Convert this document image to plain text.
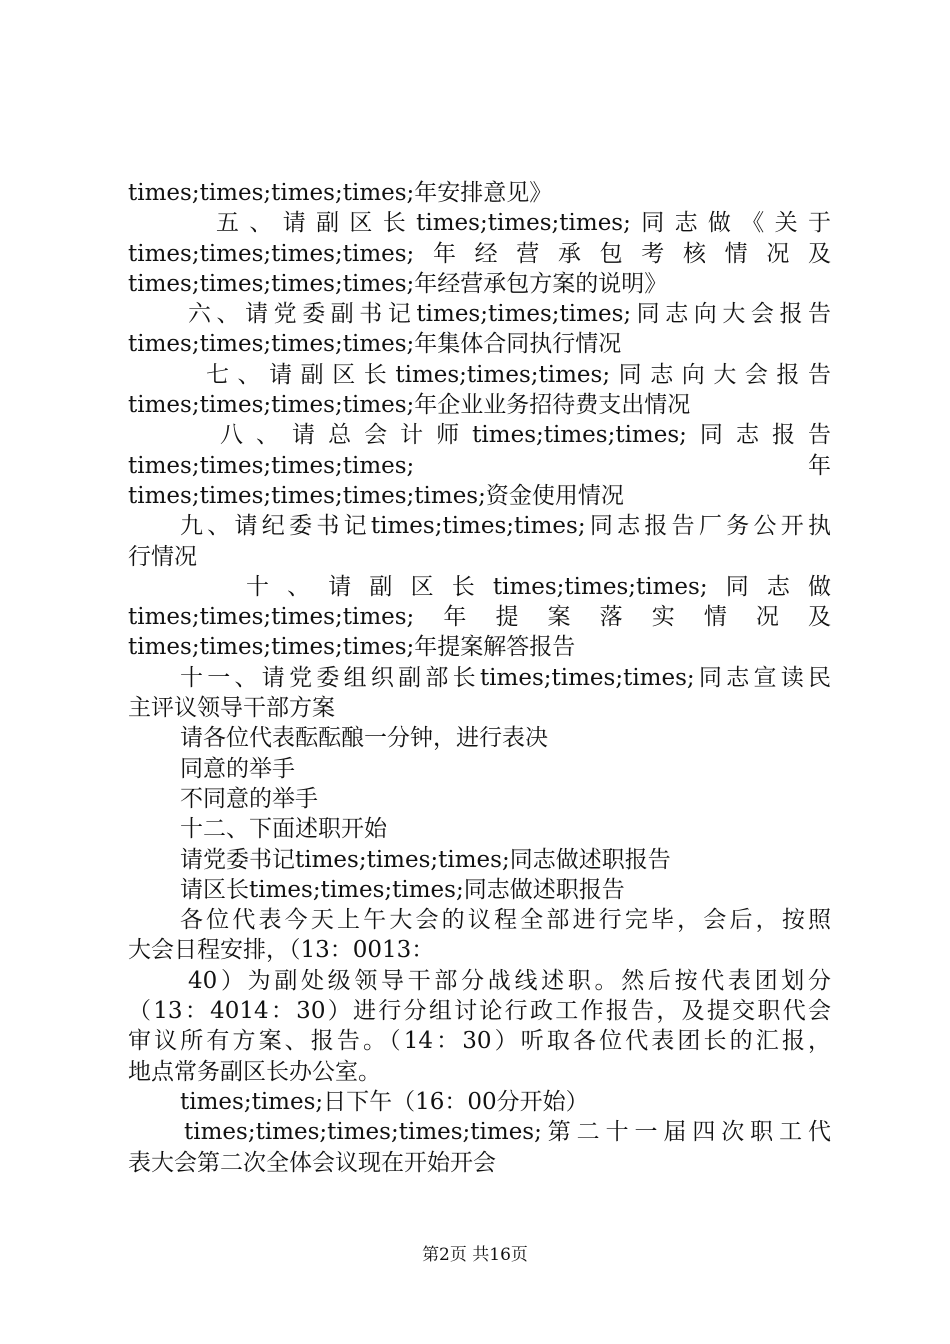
times;times;times;times;年安排意见》
五、请副区长times;times;times;同志做《关于
times;times;times;times;年经营承包考核情况及
times;times;times;times;年经营承包方案的说明》
六、请党委副书记times;times;times;同志向大会报告
times;times;times;times;年集体合同执行情况
七、请副区长times;times;times;同志向大会报告
times;times;times;times;年企业业务招待费支出情况
八、请总会计师times;times;times;同志报告
times;times;times;times;年
times;times;times;times;times;资金使用情况
九、请纪委书记times;times;times;同志报告厂务公开执
行情况
十、请副区长times;times;times;同志做
times;times;times;times;年提案落实情况及
times;times;times;times;年提案解答报告
十一、请党委组织副部长times;times;times;同志宣读民
主评议领导干部方案
请各位代表酝酝酿一分钟，进行表决
同意的举手
不同意的举手
十二、下面述职开始
请党委书记times;times;times;同志做述职报告
请区长times;times;times;同志做述职报告
各位代表今天上午大会的议程全部进行完毕，会后，按照
大会日程安排，（13：0013：
40）为副处级领导干部分战线述职。然后按代表团划分
（13：4014：30）进行分组讨论行政工作报告，及提交职代会
审议所有方案、报告。（14：30）听取各位代表团长的汇报，
地点常务副区长办公室。
times;times;日下午（16：00分开始）
times;times;times;times;times;第二十一届四次职工代
表大会第二次全体会议现在开始开会
第2页 共16页
